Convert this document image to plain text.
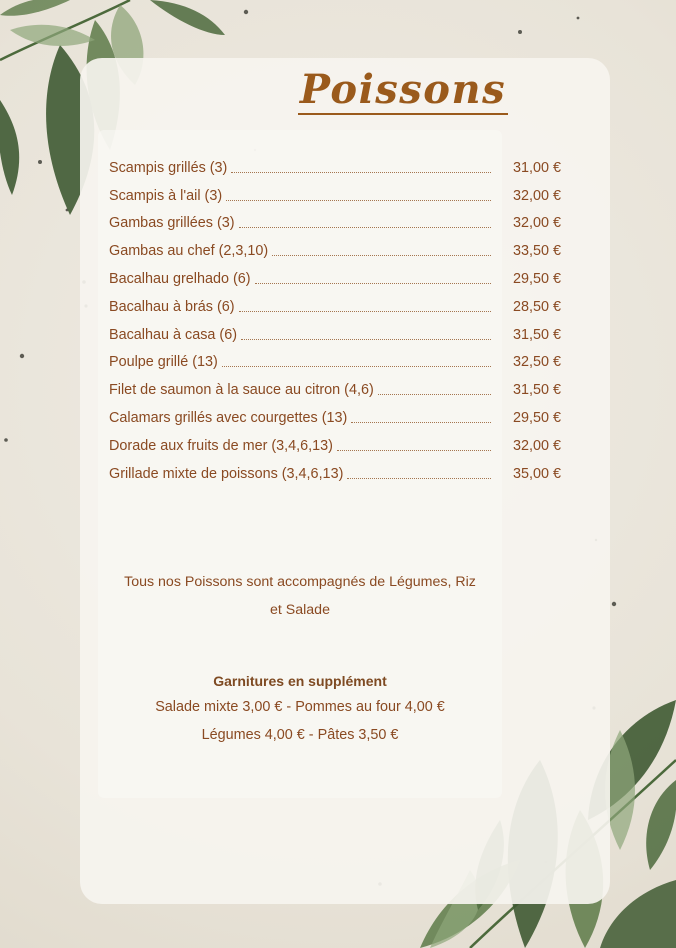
Poissons
Scampis grillés (3)	31,00 €
Scampis à l'ail (3)	32,00 €
Gambas grillées (3)	32,00 €
Gambas au chef (2,3,10)	33,50 €
Bacalhau grelhado (6)	29,50 €
Bacalhau à brás (6)	28,50 €
Bacalhau à casa (6)	31,50 €
Poulpe grillé (13)	32,50 €
Filet de saumon à la sauce au citron (4,6)	31,50 €
Calamars grillés avec courgettes (13)	29,50 €
Dorade aux fruits de mer (3,4,6,13)	32,00 €
Grillade mixte de poissons (3,4,6,13)	35,00 €
Tous nos Poissons sont accompagnés de Légumes, Riz
et Salade
Garnitures en supplément
Salade mixte 3,00 € - Pommes au four 4,00 €
Légumes 4,00 € - Pâtes 3,50 €
